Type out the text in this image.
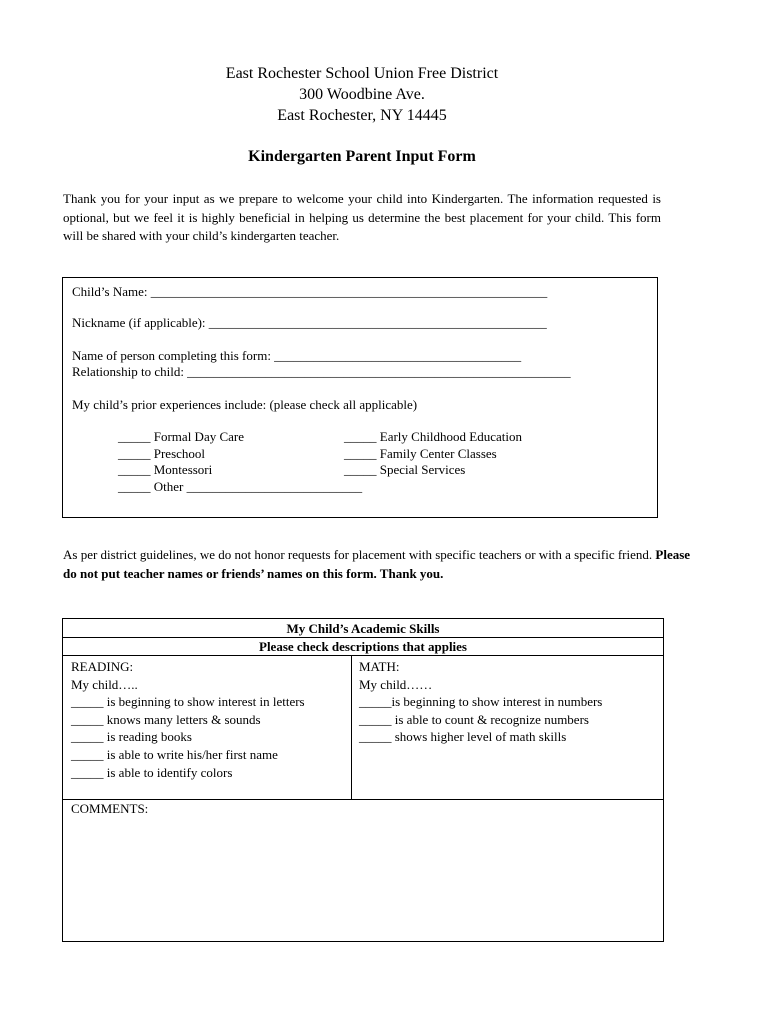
East Rochester School Union Free District
300 Woodbine Ave.
East Rochester, NY 14445
Kindergarten Parent Input Form
Thank you for your input as we prepare to welcome your child into Kindergarten. The information requested is optional, but we feel it is highly beneficial in helping us determine the best placement for your child. This form will be shared with your child’s kindergarten teacher.
Child’s Name: _____________________________________________________________
Nickname (if applicable): ____________________________________________________
Name of person completing this form: ______________________________________
Relationship to child: ___________________________________________________________
My child’s prior experiences include: (please check all applicable)
_____ Formal Day Care
_____ Preschool
_____ Montessori
_____ Other ___________________________
_____ Early Childhood Education
_____ Family Center Classes
_____ Special Services
As per district guidelines, we do not honor requests for placement with specific teachers or with a specific friend. Please do not put teacher names or friends’ names on this form. Thank you.
My Child’s Academic Skills
Please check descriptions that applies
READING:
My child…..
_____ is beginning to show interest in letters
_____ knows many letters & sounds
_____ is reading books
_____ is able to write his/her first name
_____ is able to identify colors
MATH:
My child……
_____is beginning to show interest in numbers
_____ is able to count & recognize numbers
_____ shows higher level of math skills
COMMENTS:
